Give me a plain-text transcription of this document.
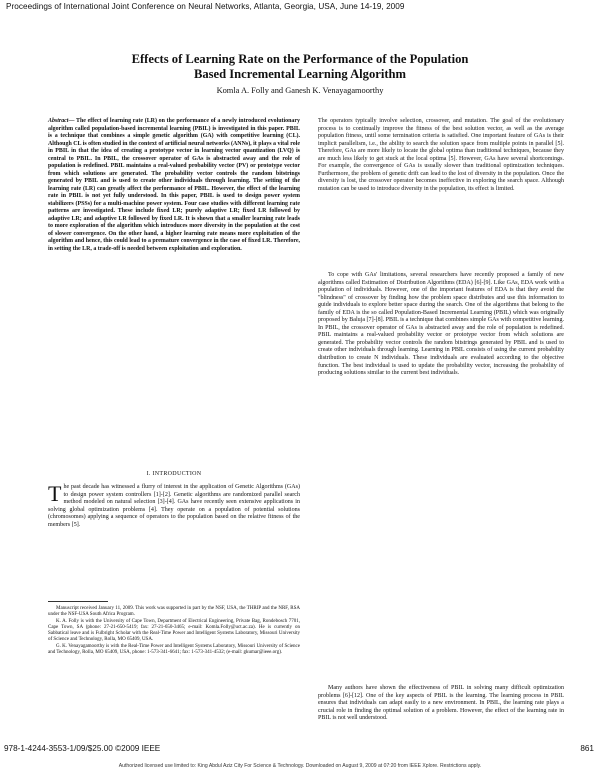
Proceedings of International Joint Conference on Neural Networks, Atlanta, Georgia, USA, June 14-19, 2009
Effects of Learning Rate on the Performance of the Population
Based Incremental Learning Algorithm
Komla A. Folly and Ganesh K. Venayagamoorthy
Abstract— The effect of learning rate (LR) on the performance of a newly introduced evolutionary algorithm called population-based incremental learning (PBIL) is investigated in this paper. PBIL is a technique that combines a simple genetic algorithm (GA) with competitive learning (CL). Although CL is often studied in the context of artificial neural networks (ANNs), it plays a vital role in PBIL in that the idea of creating a prototype vector in learning vector quantization (LVQ) is central to PBIL. In PBIL, the crossover operator of GAs is abstracted away and the role of population is redefined. PBIL maintains a real-valued probability vector (PV) or prototype vector from which solutions are generated. The probability vector controls the random bitstrings generated by PBIL and is used to create other individuals through learning. The setting of the learning rate (LR) can greatly affect the performance of PBIL. However, the effect of the learning rate in PBIL is not yet fully understood. In this paper, PBIL is used to design power system stabilizers (PSSs) for a multi-machine power system. Four case studies with different learning rate patterns are investigated. These include fixed LR; purely adaptive LR; fixed LR followed by adaptive LR; and adaptive LR followed by fixed LR. It is shown that a smaller learning rate leads to more exploration of the algorithm which introduces more diversity in the population at the cost of slower convergence. On the other hand, a higher learning rate means more exploitation of the algorithm and hence, this could lead to a premature convergence in the case of fixed LR. Therefore, in setting the LR, a trade-off is needed between exploitation and exploration.
I. INTRODUCTION
The past decade has witnessed a flurry of interest in the application of Genetic Algorithms (GAs) to design power system controllers [1]-[2]. Genetic algorithms are randomized parallel search method modeled on natural selection [3]-[4]. GAs have recently seen extensive applications in solving global optimization problems [4]. They operate on a population of potential solutions (chromosomes) applying a sequence of operators to the population based on the relative fitness of the members [5].

Manuscript received January 11, 2009. This work was supported in part by the NSF, USA, the THRIP and the NRF, RSA under the NSF-USA South Africa Program.

K. A. Folly is with the University of Cape Town, Department of Electrical Engineering, Private Bag, Rondebosch 7701, Cape Town, SA (phone: 27-21-650-5419; fax: 27-21-650-3465; e-mail: Komla.Folly@uct.ac.za). He is currently on Sabbatical leave and is Fulbright Scholar with the Real-Time Power and Intelligent Systems Laboratory, Missouri University of Science and Technology, Rolla, MO 65409, USA.

G. K. Venayagamoorthy is with the Real-Time Power and Intelligent Systems Laboratory, Missouri University of Science and Technology, Rolla, MO 65409, USA, phone: 1-573-341-6641; fax: 1-573-341-4532; (e-mail: gkumar@ieee.org).

The operators typically involve selection, crossover, and mutation. The goal of the evolutionary process is to continually improve the fitness of the best solution vector, as well as the average population fitness, until some termination criteria is satisfied. One important feature of GAs is their implicit parallelism, i.e., the ability to search the solution space from multiple points in parallel [5]. Therefore, GAs are more likely to locate the global optima than traditional techniques, because they are much less likely to get stuck at the local optima [5]. However, GAs have several shortcomings. For example, the convergence of GAs is usually slower than traditional optimization techniques. Furthermore, the problem of genetic drift can lead to the lost of diversity in the population. Once the diversity is lost, the crossover operator becomes ineffective in exploring the search space. Although mutation can be used to introduce diversity in the population, its effect is limited.
To cope with GAs' limitations, several researchers have recently proposed a family of new algorithms called Estimation of Distribution Algorithms (EDA) [6]-[9]. Like GAs, EDA work with a population of individuals. However, one of the important features of EDA is that they avoid the "blindness" of crossover by finding how the problem space distributes and use this information to guide individuals to explore better space during the search. One of the algorithms that belong to the family of EDA is the so called Population-Based Incremental Learning (PBIL) which was originally proposed by Baluja [7]-[8]. PBIL is a technique that combines simple GAs with competitive learning. In PBIL, the crossover operator of GAs is abstracted away and the role of population is redefined. PBIL maintains a real-valued probability vector or prototype vector from which solutions are generated. The probability vector controls the random bitstrings generated by PBIL and is used to create other individuals through learning. Learning in PBIL consists of using the current probability distribution to create N individuals. These individuals are evaluated according to the objective function. The best individual is used to update the probability vector, increasing the probability of producing solutions similar to the current best individuals.
Many authors have shown the effectiveness of PBIL in solving many difficult optimization problems [6]-[12]. One of the key aspects of PBIL is the learning. The learning process in PBIL ensures that individuals can adapt easily to a new environment. In PBIL, the learning rate plays a crucial role in finding the optimal solution of a problem. However, the effect of the learning rate in PBIL is not well understood.
978-1-4244-3553-1/09/$25.00 ©2009 IEEE	861
Authorized licensed use limited to: King Abdul Aziz City For Science & Technology. Downloaded on August 9, 2009 at 07:20 from IEEE Xplore. Restrictions apply.
